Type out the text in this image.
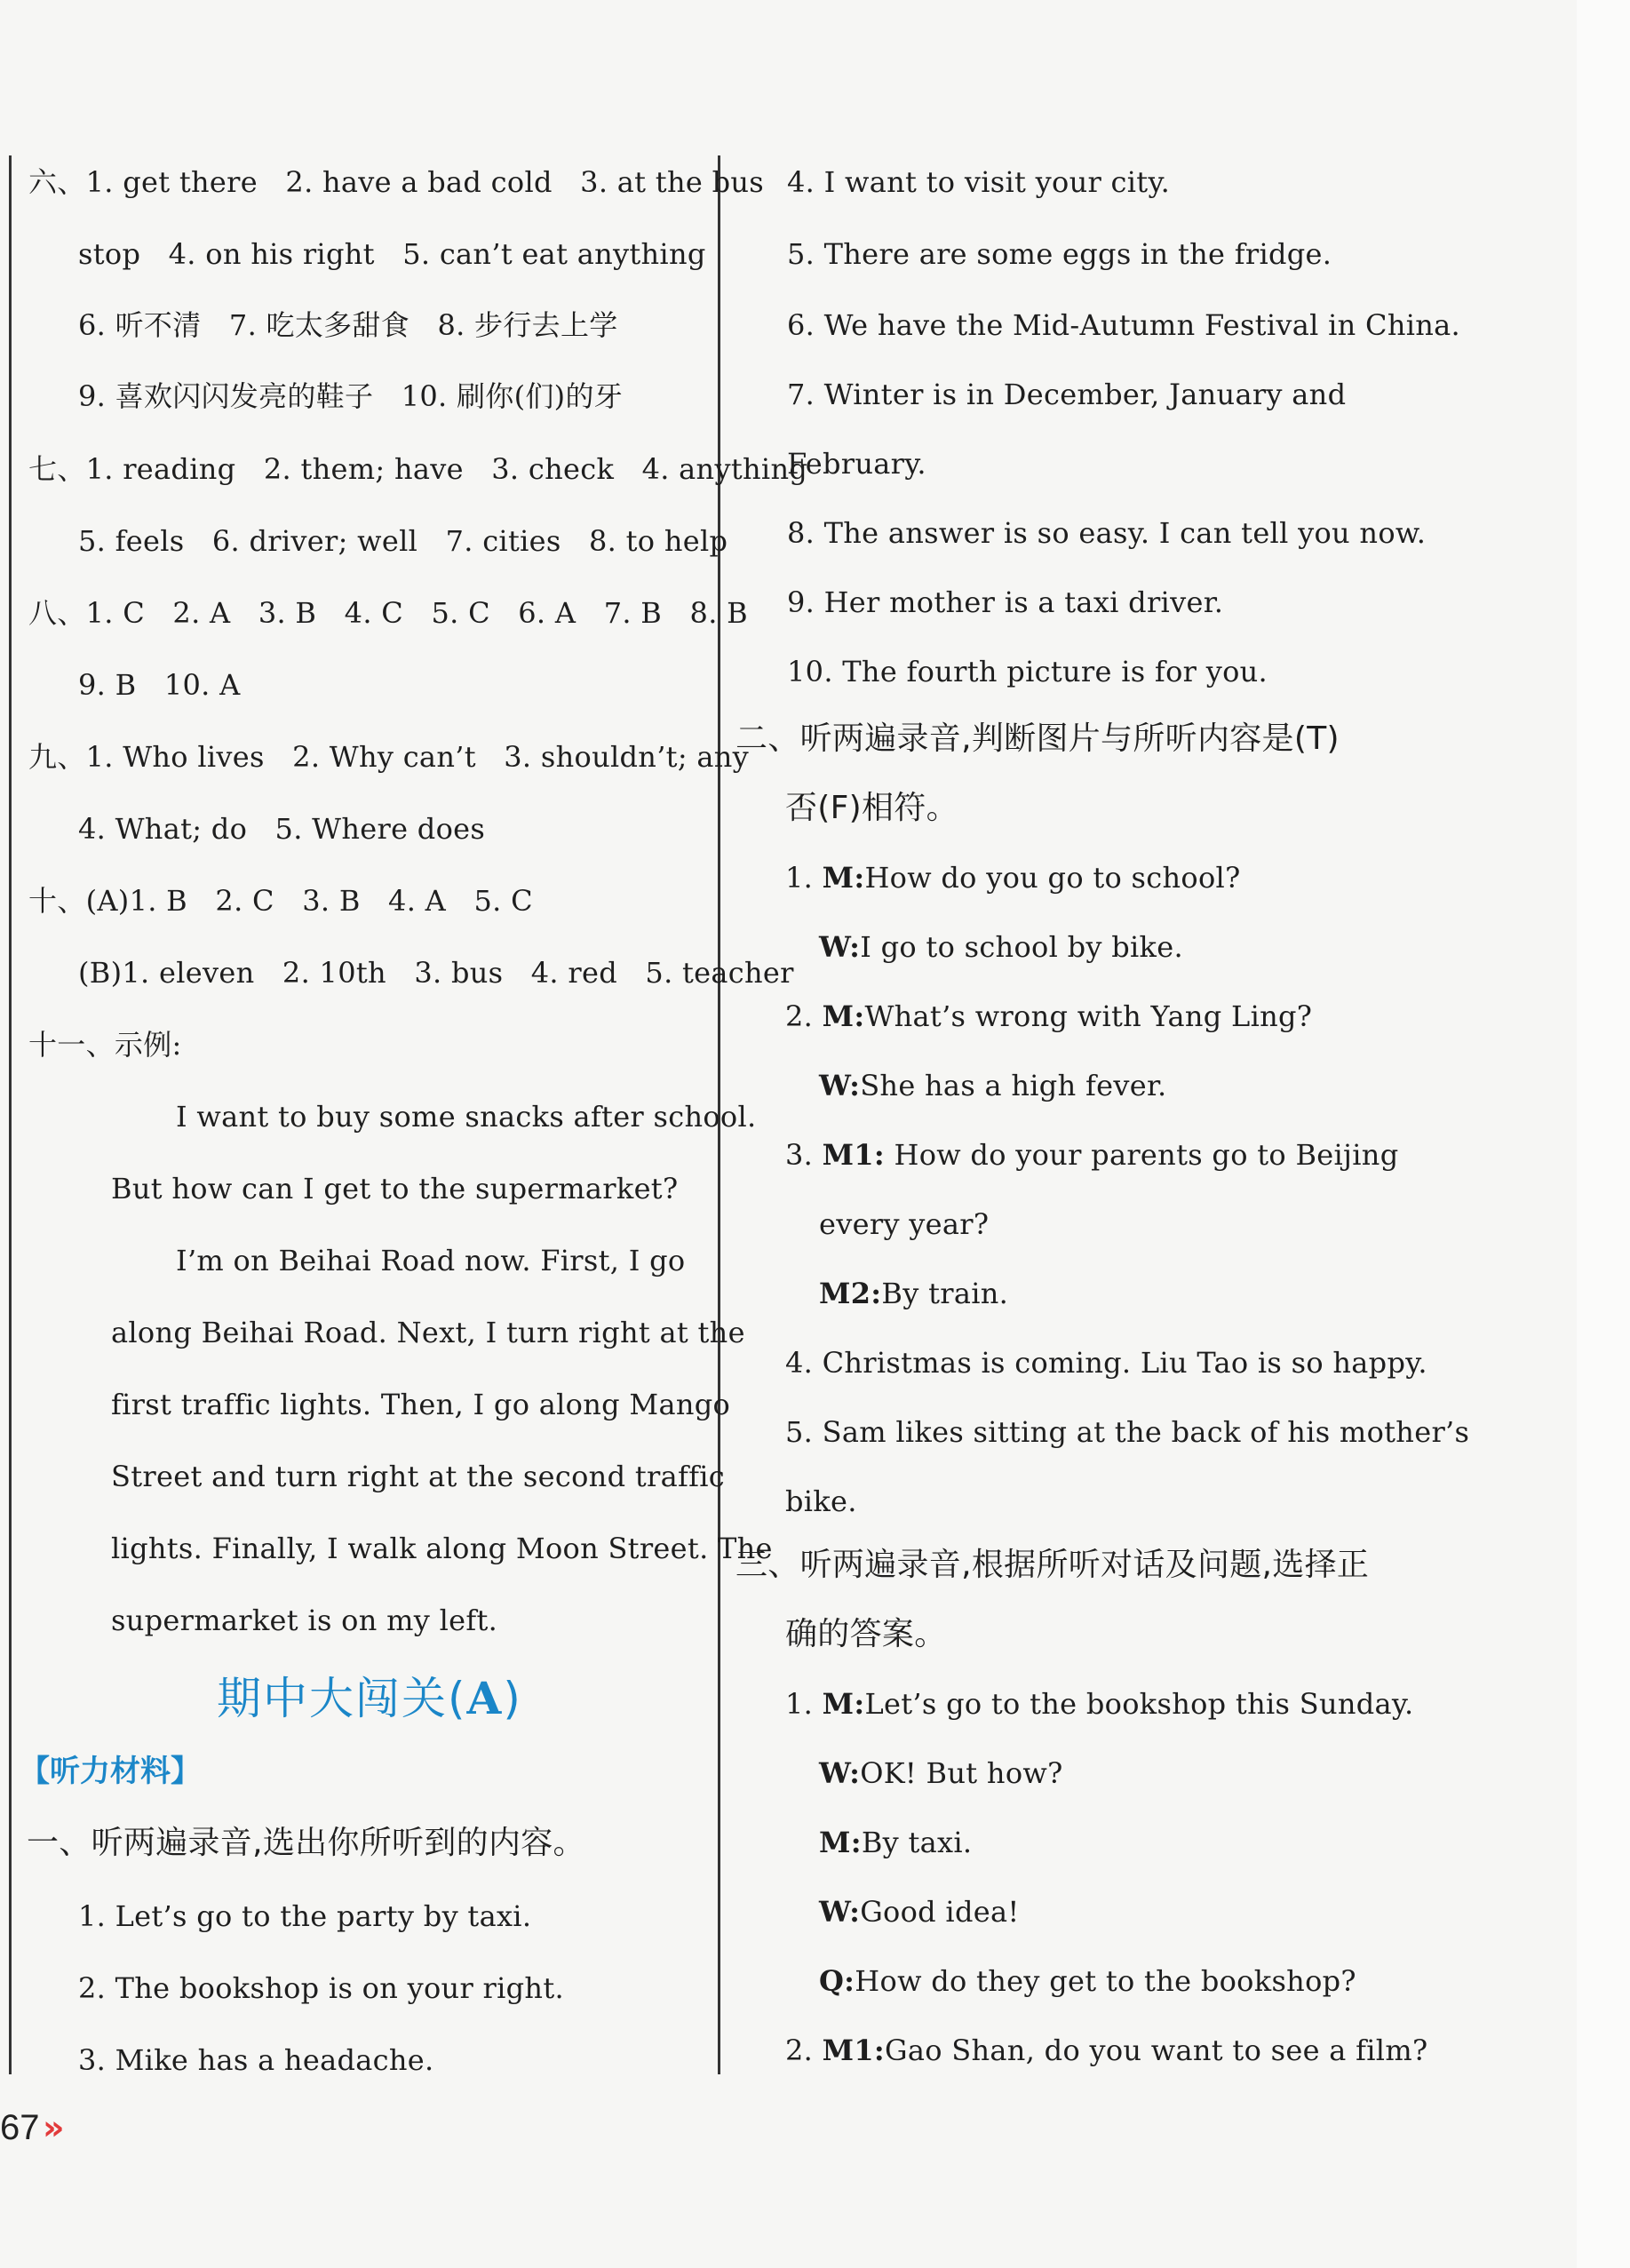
六、1. get there   2. have a bad cold   3. at the bus
stop   4. on his right   5. can’t eat anything
6. 听不清   7. 吃太多甜食   8. 步行去上学
9. 喜欢闪闪发亮的鞋子   10. 刷你(们)的牙
七、1. reading   2. them; have   3. check   4. anything
5. feels   6. driver; well   7. cities   8. to help
八、1. C   2. A   3. B   4. C   5. C   6. A   7. B   8. B
9. B   10. A
九、1. Who lives   2. Why can’t   3. shouldn’t; any
4. What; do   5. Where does
十、(A)1. B   2. C   3. B   4. A   5. C
(B)1. eleven   2. 10th   3. bus   4. red   5. teacher
十一、示例:
I want to buy some snacks after school.
But how can I get to the supermarket?
I’m on Beihai Road now. First, I go
along Beihai Road. Next, I turn right at the
first traffic lights. Then, I go along Mango
Street and turn right at the second traffic
lights. Finally, I walk along Moon Street. The
supermarket is on my left.
期中大闯关(A)
【听力材料】
一、听两遍录音,选出你所听到的内容。
1. Let’s go to the party by taxi.
2. The bookshop is on your right.
3. Mike has a headache.
4. I want to visit your city.
5. There are some eggs in the fridge.
6. We have the Mid-Autumn Festival in China.
7. Winter is in December, January and
February.
8. The answer is so easy. I can tell you now.
9. Her mother is a taxi driver.
10. The fourth picture is for you.
二、听两遍录音,判断图片与所听内容是(T)
否(F)相符。
1. M:How do you go to school?
W:I go to school by bike.
2. M:What’s wrong with Yang Ling?
W:She has a high fever.
3. M1: How do your parents go to Beijing
every year?
M2:By train.
4. Christmas is coming. Liu Tao is so happy.
5. Sam likes sitting at the back of his mother’s
bike.
三、听两遍录音,根据所听对话及问题,选择正
确的答案。
1. M:Let’s go to the bookshop this Sunday.
W:OK! But how?
M:By taxi.
W:Good idea!
Q:How do they get to the bookshop?
2. M1:Gao Shan, do you want to see a film?
67 »
